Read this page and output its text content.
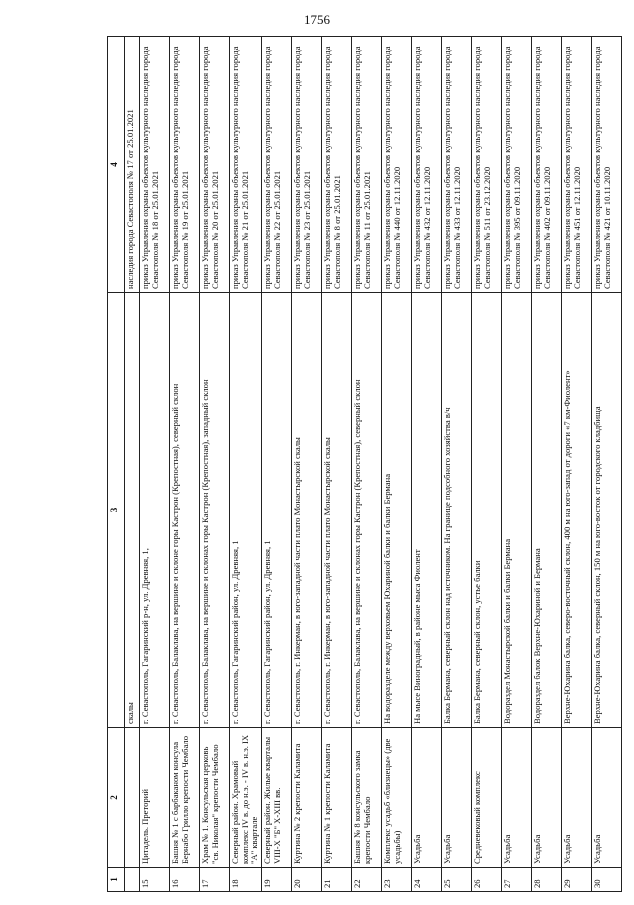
1756
1	2	3	4
		скалы	наследия города Севастополя № 17 от 25.01.2021
15	Цитадель. Преторий	г. Севастополь, Гагаринский р-н, ул. Древняя, 1,	приказ Управления охраны объектов культурного наследия города Севастополя № 18 от 25.01.2021
16	Башня № 1 с барбаканом консула Бернабо Грилло крепости Чембало	г. Севастополь, Балаклава, на вершине и склоне горы Кастрон (Крепостная), северный склон	приказ Управления охраны объектов культурного наследия города Севастополя № 19 от 25.01.2021
17	Храм № 1. Консульская церковь "св. Николая" крепости Чембало	г. Севастополь, Балаклава, на вершине и склонах горы Кастрон (Крепостная), западный склон	приказ Управления охраны объектов культурного наследия города Севастополя № 20 от 25.01.2021
18	Северный район. Храмовый комплекс IV в. до н.э. - IV в. н.э. IX "А" квартале	г. Севастополь, Гагаринский район, ул. Древняя, 1	приказ Управления охраны объектов культурного наследия города Севастополя № 21 от 25.01.2021
19	Северный район. Жилые кварталы VIII-X "Б" X-XIII вв.	г. Севастополь, Гагаринский район, ул. Древняя, 1	приказ Управления охраны объектов культурного наследия города Севастополя № 22 от 25.01.2021
20	Куртина № 2 крепости Каламита	г. Севастополь, г. Инкерман, в юго-западной части плато Монастырской скалы	приказ Управления охраны объектов культурного наследия города Севастополя № 23 от 25.01.2021
21	Куртина № 1 крепости Каламита	г. Севастополь, г. Инкерман, в юго-западной части плато Монастырской скалы	приказ Управления охраны объектов культурного наследия города Севастополя № 8 от 25.01.2021
22	Башня № 8 консульского замка крепости Чембало	г. Севастополь, Балаклава, на вершине и склонах горы Кастрон (Крепостная), северный склон	приказ Управления охраны объектов культурного наследия города Севастополя № 11 от 25.01.2021
23	Комплекс усадьб «близнецы» (две усадьбы)	На водоразделе между верховьем Юхариной балки и балки Бермана	приказ Управления охраны объектов культурного наследия города Севастополя № 440 от 12.11.2020
24	Усадьба	На мысе Виноградный, в районе мыса Фиолент	приказ Управления охраны объектов культурного наследия города Севастополя № 432 от 12.11.2020
25	Усадьба	Балка Бермана, северный склон над источником. На границе подсобного хозяйства в/ч	приказ Управления охраны объектов культурного наследия города Севастополя № 433 от 12.11.2020
26	Средневековый комплекс	Балка Бермана, северный склон, устье балки	приказ Управления охраны объектов культурного наследия города Севастополя № 511 от 23.12.2020
27	Усадьба	Водораздел Монастырской балки и балки Бермана	приказ Управления охраны объектов культурного наследия города Севастополя № 395 от 09.11.2020
28	Усадьба	Водораздел балок Верхне-Юхариной и Бермана	приказ Управления охраны объектов культурного наследия города Севастополя № 402 от 09.11.2020
29	Усадьба	Верхне-Юхарина балка, северо-восточный склон, 400 м на юго-запад от дороги «7 км-Фиолент»	приказ Управления охраны объектов культурного наследия города Севастополя № 451 от 12.11.2020
30	Усадьба	Верхне-Юхарина балка, северный склон, 150 м на юго-восток от городского кладбища	приказ Управления охраны объектов культурного наследия города Севастополя № 421 от 10.11.2020
